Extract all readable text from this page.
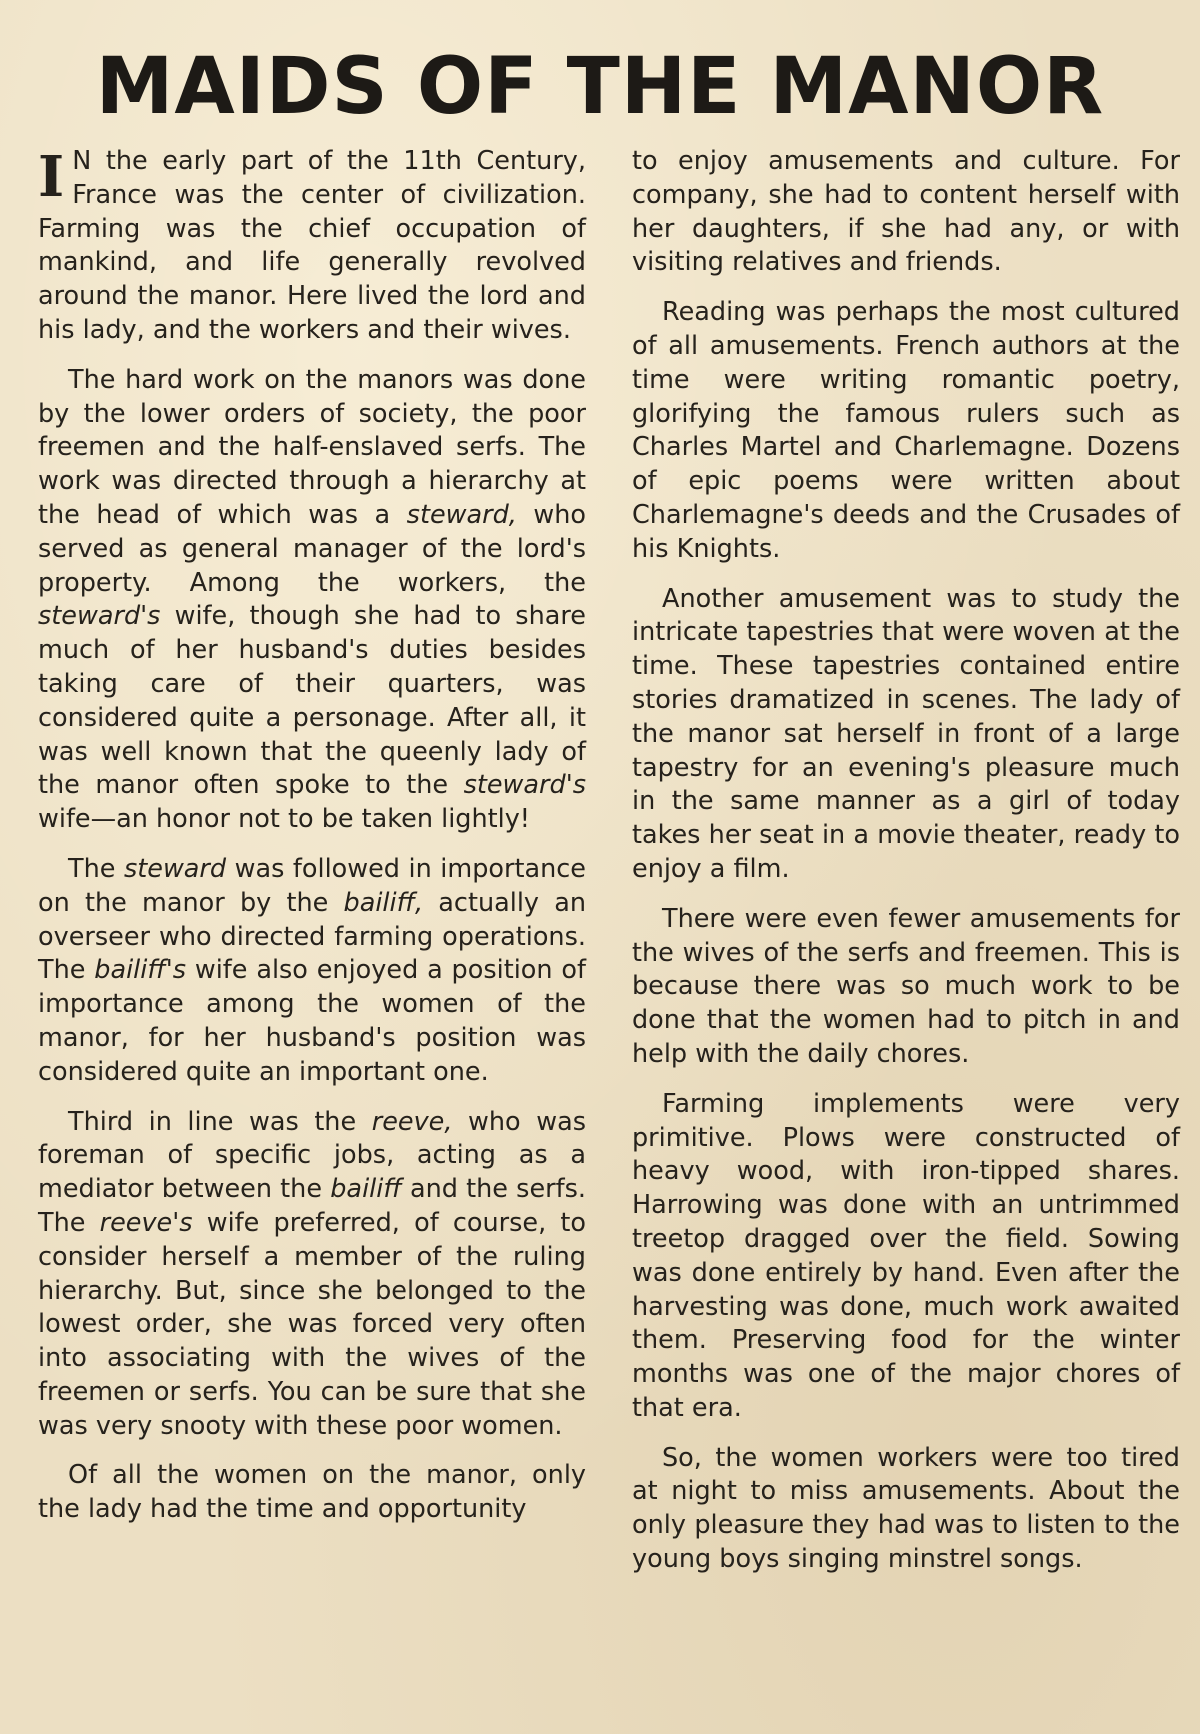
MAIDS OF THE MANOR

I N the early part of the 11th Century, France was the center of civilization. Farming was the chief occupation of mankind, and life generally revolved around the manor. Here lived the lord and his lady, and the workers and their wives.

The hard work on the manors was done by the lower orders of society, the poor freemen and the half-enslaved serfs. The work was directed through a hierarchy at the head of which was a steward, who served as general manager of the lord's property. Among the workers, the steward's wife, though she had to share much of her husband's duties besides taking care of their quarters, was considered quite a personage. After all, it was well known that the queenly lady of the manor often spoke to the steward's wife—an honor not to be taken lightly!

The steward was followed in importance on the manor by the bailiff, actually an overseer who directed farming operations. The bailiff's wife also enjoyed a position of importance among the women of the manor, for her husband's position was considered quite an important one.

Third in line was the reeve, who was foreman of specific jobs, acting as a mediator between the bailiff and the serfs. The reeve's wife preferred, of course, to consider herself a member of the ruling hierarchy. But, since she belonged to the lowest order, she was forced very often into associating with the wives of the freemen or serfs. You can be sure that she was very snooty with these poor women.

Of all the women on the manor, only the lady had the time and opportunity

to enjoy amusements and culture. For company, she had to content herself with her daughters, if she had any, or with visiting relatives and friends.

Reading was perhaps the most cultured of all amusements. French authors at the time were writing romantic poetry, glorifying the famous rulers such as Charles Martel and Charlemagne. Dozens of epic poems were written about Charlemagne's deeds and the Crusades of his Knights.

Another amusement was to study the intricate tapestries that were woven at the time. These tapestries contained entire stories dramatized in scenes. The lady of the manor sat herself in front of a large tapestry for an evening's pleasure much in the same manner as a girl of today takes her seat in a movie theater, ready to enjoy a film.

There were even fewer amusements for the wives of the serfs and freemen. This is because there was so much work to be done that the women had to pitch in and help with the daily chores.

Farming implements were very primitive. Plows were constructed of heavy wood, with iron-tipped shares. Harrowing was done with an untrimmed treetop dragged over the field. Sowing was done entirely by hand. Even after the harvesting was done, much work awaited them. Preserving food for the winter months was one of the major chores of that era.

So, the women workers were too tired at night to miss amusements. About the only pleasure they had was to listen to the young boys singing minstrel songs.
